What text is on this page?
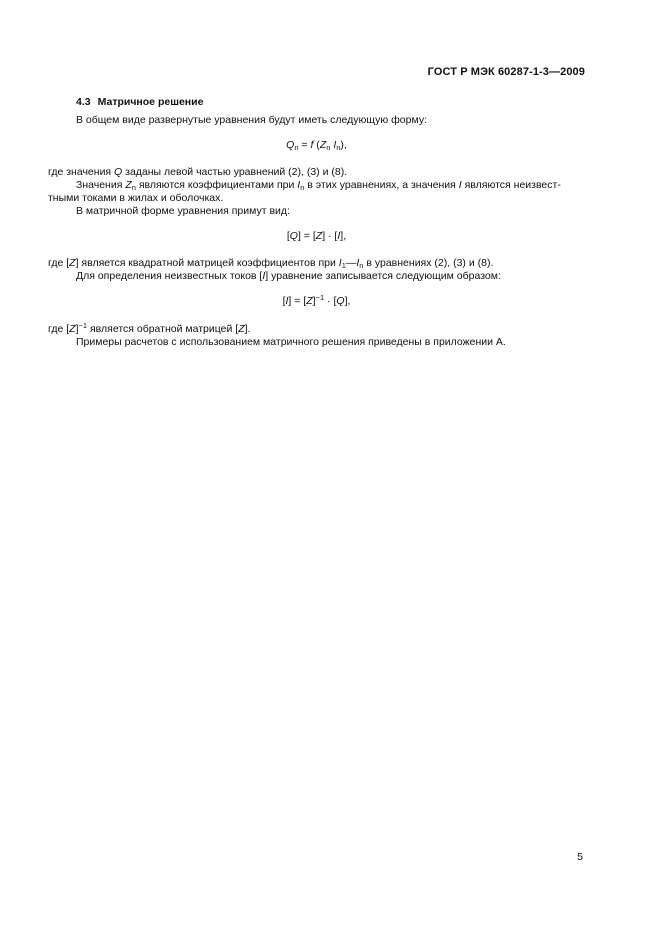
ГОСТ Р МЭК 60287-1-3—2009
4.3 Матричное решение
В общем виде развернутые уравнения будут иметь следующую форму:
$Q_n = f$ ($Z_n$ $I_n$),
где значения Q заданы левой частью уравнений (2), (3) и (8).
Значения $Z_n$ являются коэффициентами при $I_n$ в этих уравнениях, а значения I являются неизвест-
тными токами в жилах и оболочках.
В матричной форме уравнения примут вид:
[Q] = [Z] · [I],
где [Z] является квадратной матрицей коэффициентов при $I_1—I_n$ в уравнениях (2), (3) и (8).
Для определения неизвестных токов [I] уравнение записывается следующим образом:
$[I] = [Z]^{-1} \cdot [Q]$,
где $[Z]^{-1}$ является обратной матрицей [Z].
Примеры расчетов с использованием матричного решения приведены в приложении А.
5
